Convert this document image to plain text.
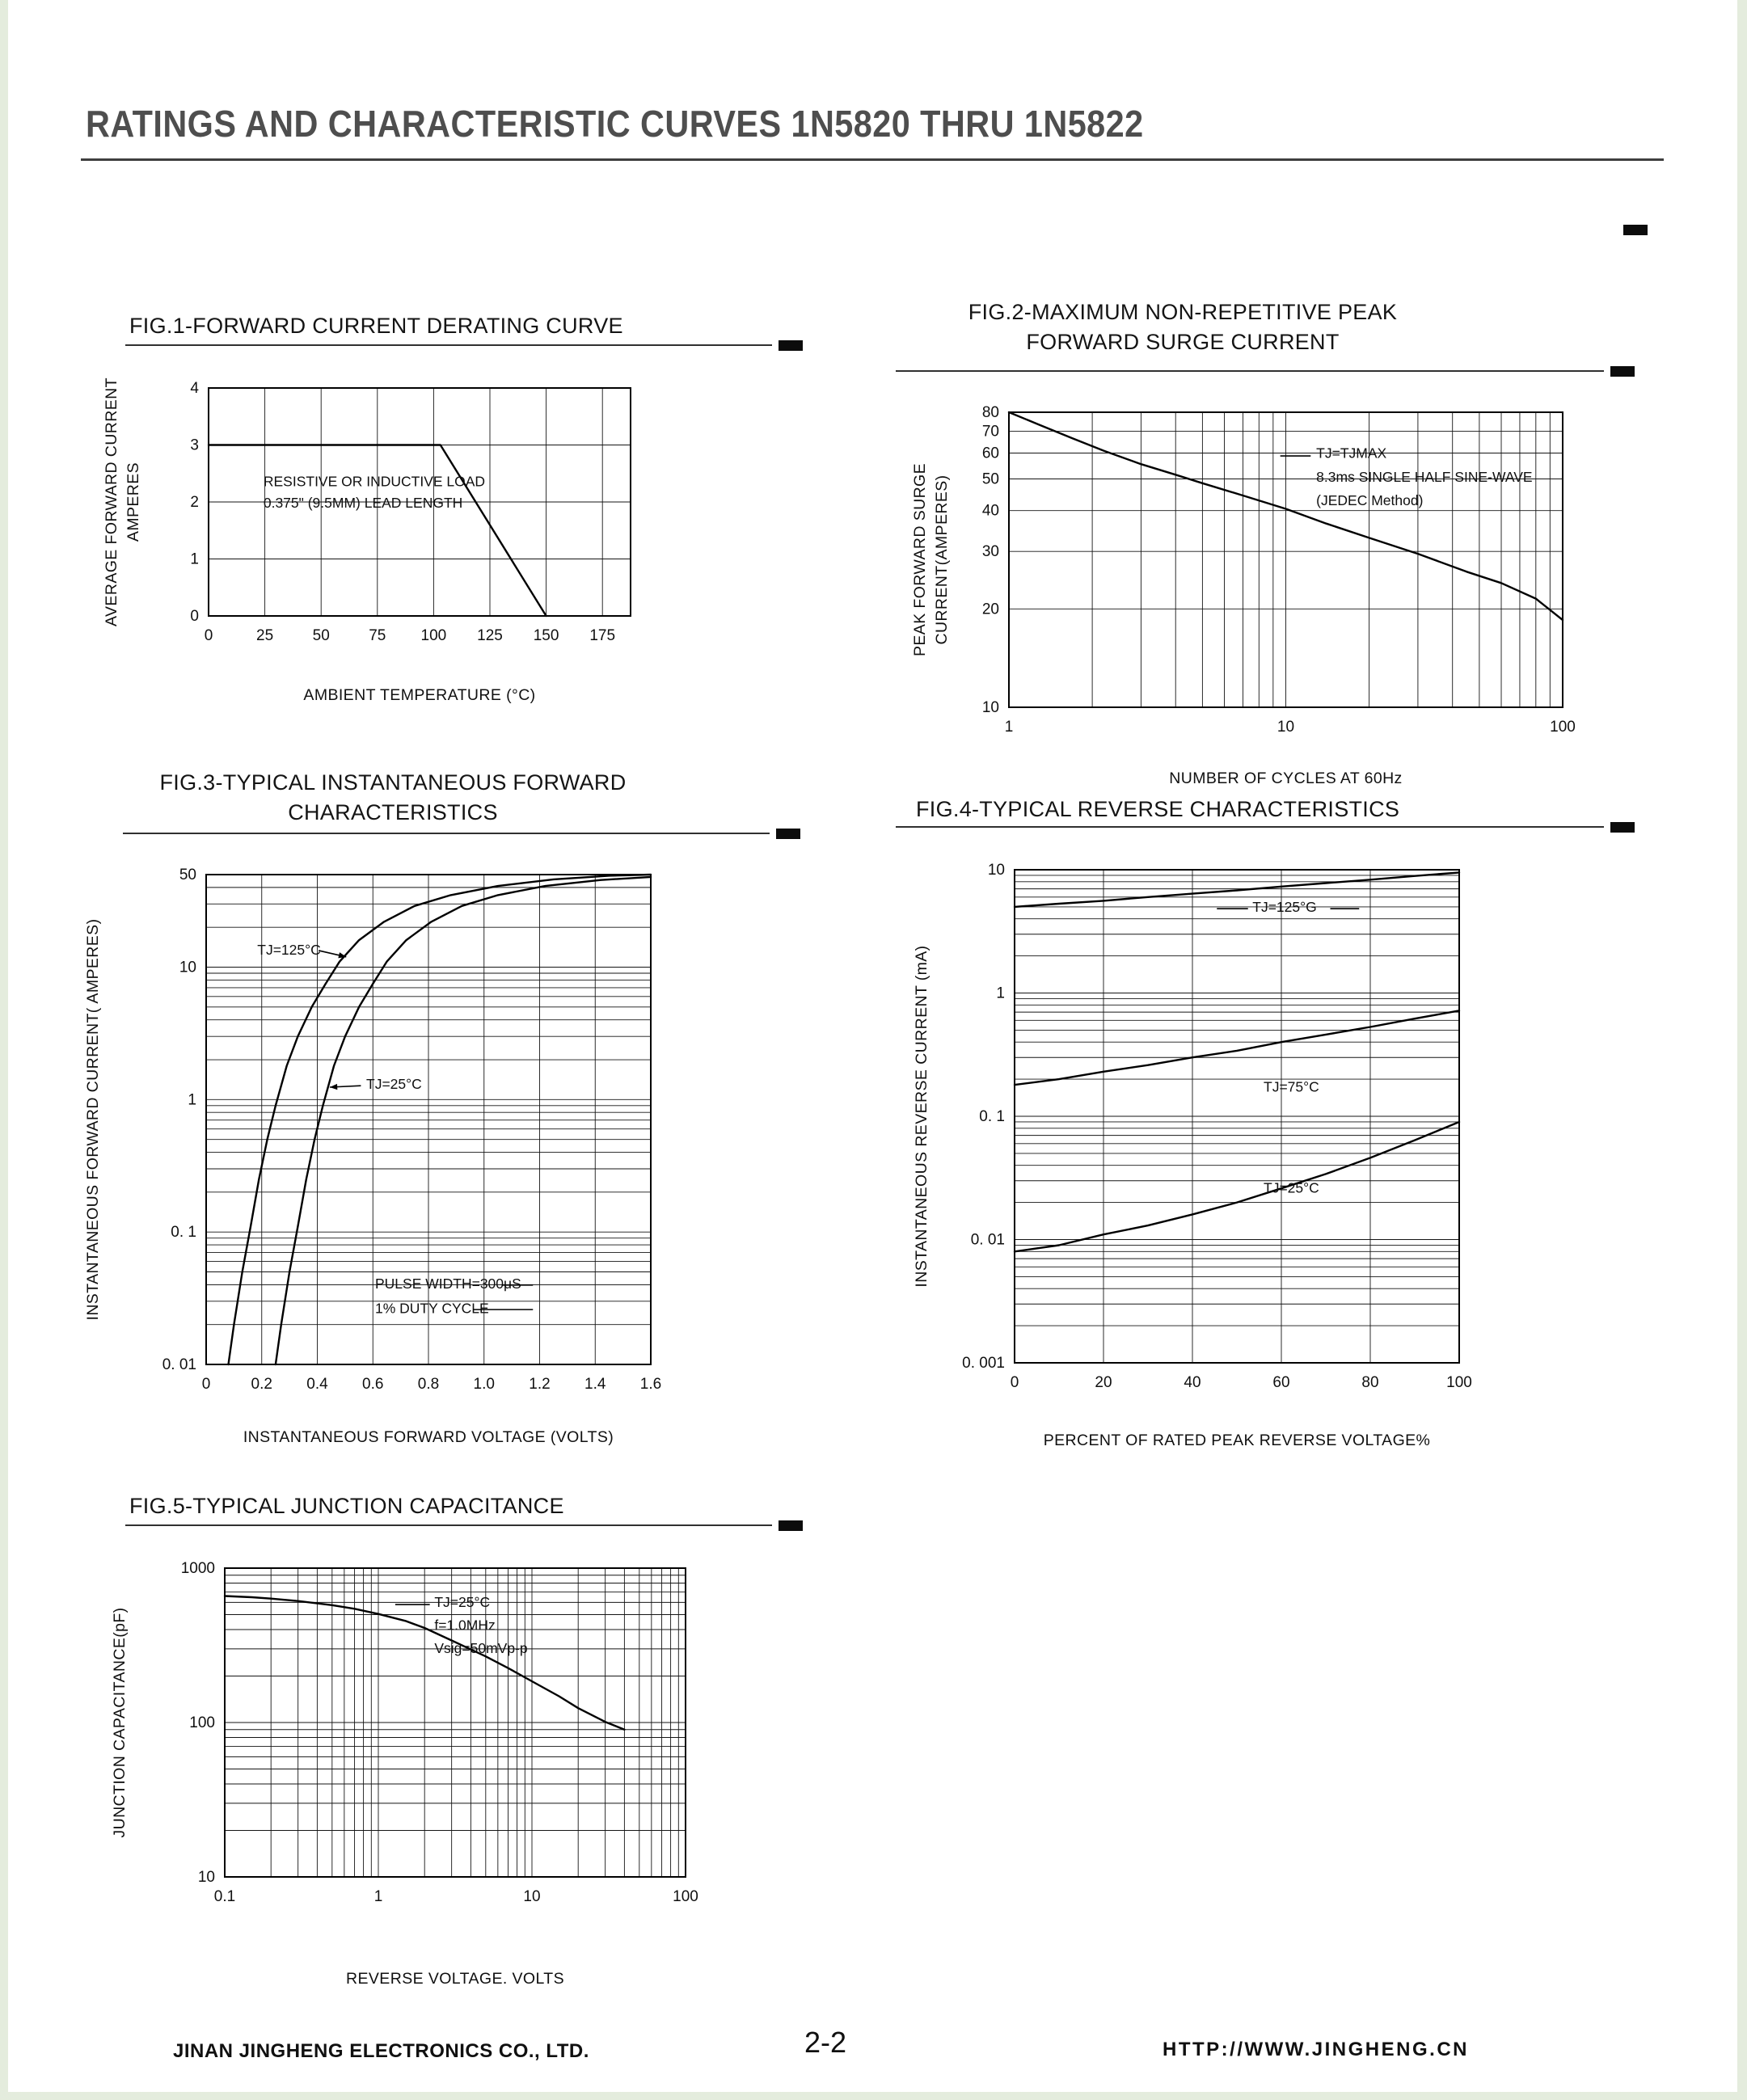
RATINGS AND CHARACTERISTIC CURVES 1N5820 THRU 1N5822
FIG.1-FORWARD CURRENT DERATING CURVE
0	25	50	75 100 125 150 175
0
1
2
3
4
AMBIENT TEMPERATURE (°C)
AVERAGE FORWARD CURRENT AMPERES	RESISTIVE OR INDUCTIVE LOAD
0.375" (9.5MM) LEAD LENGTH
FIG.2-MAXIMUM NON-REPETITIVE PEAK
FORWARD SURGE CURRENT
1	10	100
10
20
30
40
50
60
70
80
NUMBER OF CYCLES AT 60Hz
PEAK FORWARD SURGE CURRENT(AMPERES)
TJ=TJMAX
8.3ms SINGLE HALF SINE-WAVE
(JEDEC Method)
FIG.3-TYPICAL INSTANTANEOUS FORWARD
CHARACTERISTICS
0	0.2 0.4 0.6 0.8 1.0 1.2 1.4 1.6
50
10
1
0. 1
0. 01
INSTANTANEOUS FORWARD VOLTAGE (VOLTS)
INSTANTANEOUS FORWARD CURRENT( AMPERES)	TJ=125°C
TJ=25°C
PULSE WIDTH=300μS
1% DUTY CYCLE
FIG.4-TYPICAL REVERSE CHARACTERISTICS
0	20	40	60	80	100
10
1
0. 1
0. 01
0. 001
PERCENT OF RATED PEAK REVERSE VOLTAGE%
INSTANTANEOUS REVERSE CURRENT (mA)
TJ=125°G
TJ=75°C
TJ=25°C
FIG.5-TYPICAL JUNCTION CAPACITANCE
0.1	1	10	100
1000
100
10
REVERSE VOLTAGE. VOLTS
JUNCTION CAPACITANCE(pF)
TJ=25°C
f=1.0MHz
Vsig=50mVp-p
JINAN JINGHENG ELECTRONICS CO., LTD.	2-2	HTTP://WWW.JINGHENG.CN
